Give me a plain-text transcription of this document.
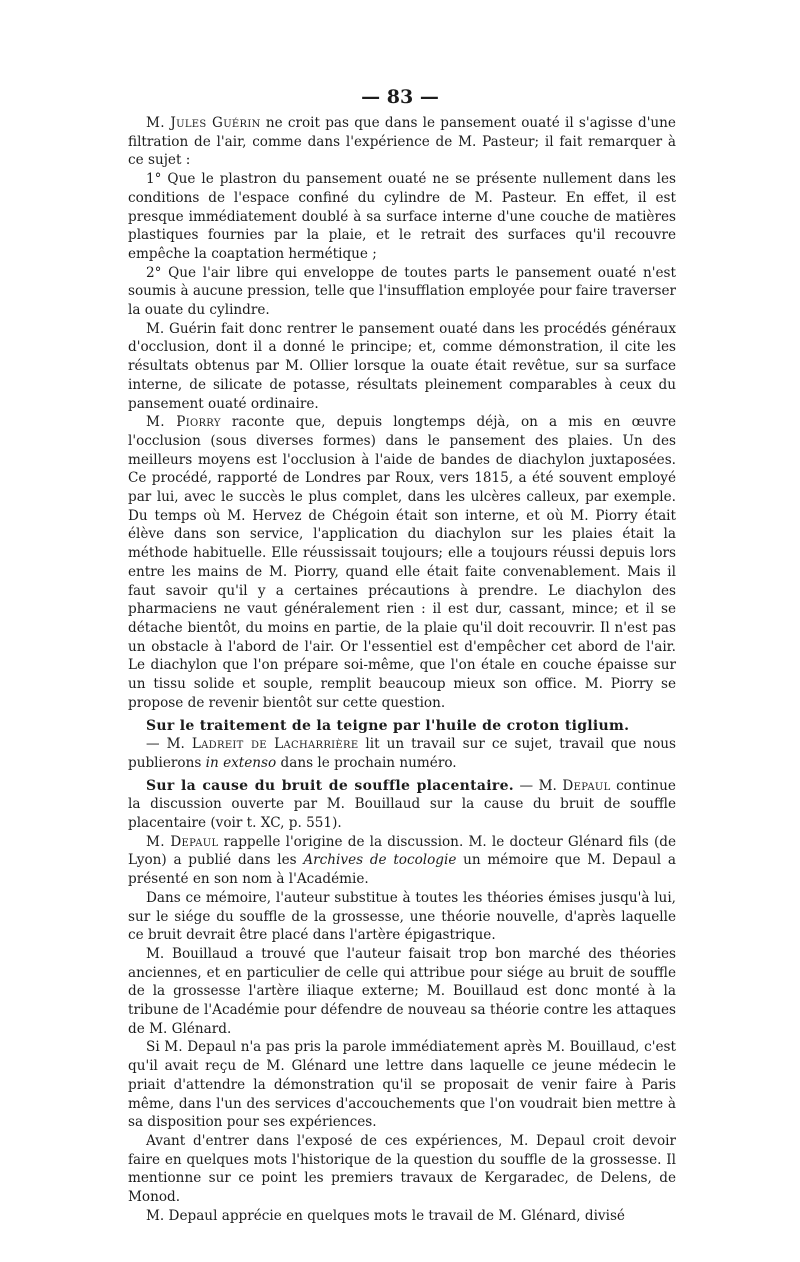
— 83 —

M. Jules Guérin ne croit pas que dans le pansement ouaté il s'agisse d'une filtration de l'air, comme dans l'expérience de M. Pasteur; il fait remarquer à ce sujet :

1° Que le plastron du pansement ouaté ne se présente nullement dans les conditions de l'espace confiné du cylindre de M. Pasteur. En effet, il est presque immédiatement doublé à sa surface interne d'une couche de matières plastiques fournies par la plaie, et le retrait des surfaces qu'il recouvre empêche la coaptation hermétique ;

2° Que l'air libre qui enveloppe de toutes parts le pansement ouaté n'est soumis à aucune pression, telle que l'insufflation employée pour faire traverser la ouate du cylindre.

M. Guérin fait donc rentrer le pansement ouaté dans les procédés généraux d'occlusion, dont il a donné le principe; et, comme démonstration, il cite les résultats obtenus par M. Ollier lorsque la ouate était revêtue, sur sa surface interne, de silicate de potasse, résultats pleinement comparables à ceux du pansement ouaté ordinaire.

M. Piorry raconte que, depuis longtemps déjà, on a mis en œuvre l'occlusion (sous diverses formes) dans le pansement des plaies. Un des meilleurs moyens est l'occlusion à l'aide de bandes de diachylon juxtaposées. Ce procédé, rapporté de Londres par Roux, vers 1815, a été souvent employé par lui, avec le succès le plus complet, dans les ulcères calleux, par exemple. Du temps où M. Hervez de Chégoin était son interne, et où M. Piorry était élève dans son service, l'application du diachylon sur les plaies était la méthode habituelle. Elle réussissait toujours; elle a toujours réussi depuis lors entre les mains de M. Piorry, quand elle était faite convenablement. Mais il faut savoir qu'il y a certaines précautions à prendre. Le diachylon des pharmaciens ne vaut généralement rien : il est dur, cassant, mince; et il se détache bientôt, du moins en partie, de la plaie qu'il doit recouvrir. Il n'est pas un obstacle à l'abord de l'air. Or l'essentiel est d'empêcher cet abord de l'air. Le diachylon que l'on prépare soi-même, que l'on étale en couche épaisse sur un tissu solide et souple, remplit beaucoup mieux son office. M. Piorry se propose de revenir bientôt sur cette question.

Sur le traitement de la teigne par l'huile de croton tiglium.

— M. Ladreit de Lacharrière lit un travail sur ce sujet, travail que nous publierons in extenso dans le prochain numéro.

Sur la cause du bruit de souffle placentaire. — M. Depaul continue la discussion ouverte par M. Bouillaud sur la cause du bruit de souffle placentaire (voir t. XC, p. 551).

M. Depaul rappelle l'origine de la discussion. M. le docteur Glénard fils (de Lyon) a publié dans les Archives de tocologie un mémoire que M. Depaul a présenté en son nom à l'Académie.

Dans ce mémoire, l'auteur substitue à toutes les théories émises jusqu'à lui, sur le siége du souffle de la grossesse, une théorie nouvelle, d'après laquelle ce bruit devrait être placé dans l'artère épigastrique.

M. Bouillaud a trouvé que l'auteur faisait trop bon marché des théories anciennes, et en particulier de celle qui attribue pour siége au bruit de souffle de la grossesse l'artère iliaque externe; M. Bouillaud est donc monté à la tribune de l'Académie pour défendre de nouveau sa théorie contre les attaques de M. Glénard.

Si M. Depaul n'a pas pris la parole immédiatement après M. Bouillaud, c'est qu'il avait reçu de M. Glénard une lettre dans laquelle ce jeune médecin le priait d'attendre la démonstration qu'il se proposait de venir faire à Paris même, dans l'un des services d'accouchements que l'on voudrait bien mettre à sa disposition pour ses expériences.

Avant d'entrer dans l'exposé de ces expériences, M. Depaul croit devoir faire en quelques mots l'historique de la question du souffle de la grossesse. Il mentionne sur ce point les premiers travaux de Kergaradec, de Delens, de Monod.

M. Depaul apprécie en quelques mots le travail de M. Glénard, divisé
